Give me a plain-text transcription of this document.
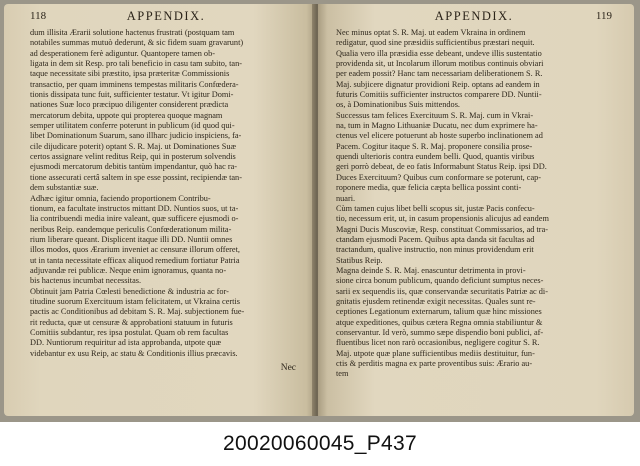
118	APPENDIX.
dum illisita Ærarii solutione hactenus frustrati (postquam tam
notabiles summas mutuò dederunt, & sic fidem suam gravarunt)
ad desperationem ferè adiguntur. Quantopere tamen ob-
ligata in dem sit Resp. pro tali beneficio in casu tam subito, tan-
taque necessitate sibi præstito, ipsa præteritæ Commissionis
transactio, per quam imminens tempestas militaris Confœdera-
tionis dissipata tunc fuit, sufficienter testatur. Vt igitur Domi-
nationes Suæ loco præcipuo diligenter considerent prædicta
mercatorum debita, uppote qui propterea quoque magnam
semper utilitatem conferre poterunt in publicum (id quod qui-
libet Dominationum Suarum, sano illharc judicio inspiciens, fa-
cile dijudicare poterit) optant S. R. Maj. ut Dominationes Suæ
certos assignare velint reditus Reip, qui in posterum solvendis
ejusmodi mercatorum debitis tantùm impendantur, quò hac ra-
tione assecurati certâ saltem in spe esse possint, recipiendæ tan-
dem substantiæ suæ.
Adhæc igitur omnia, faciendo proportionem Contribu-
tionum, ea facultate instructos mittant DD. Nuntios suos, ut ta-
lia contribuendi media inire valeant, quæ sufficere ejusmodi o-
neribus Reip. eandemque periculis Confœderationum milita-
rium liberare queant. Displicent itaque illi DD. Nuntii omnes
illos modos, quos Ærarium inveniet ac censuræ illorum offeret,
ut in tanta necessitate efficax aliquod remedium fortiatur Patria
adjuvandæ rei publicæ. Neque enim ignoramus, quanta no-
bis hactenus incumbat necessitas.
Obtinuit jam Patria Cœlesti benedictione & industria ac for-
titudine suorum Exercituum istam felicitatem, ut Vkraina certis
pactis ac Conditionibus ad debitam S. R. Maj. subjectionem fue-
rit reducta, quæ ut censuræ & approbationi statuum in futuris
Comitiis subdantur, res ipsa postulat. Quam ob rem facultas
DD. Nuntiorum requiritur ad ista approbanda, utpote quæ
videbantur ex usu Reip, ac statu & Conditionis illius præcavis.
Nec
APPENDIX.	119
Nec minus optat S. R. Maj. ut eadem Vkraina in ordinem
redigatur, quod sine præsidiis sufficientibus præstari nequit.
Qualia vero illa præsidia esse debeant, undeve illis sustentatio
providenda sit, ut Incolarum illorum motibus continuis obviari
per eadem possit? Hanc tam necessariam deliberationem S. R.
Maj. subjicere dignatur providioni Reip. optans ad eandem in
futuris Comitiis sufficienter instructos comparere DD. Nuntii-
os, à Dominationibus Suis mittendos.
Successus tam felices Exercituum S. R. Maj. cum in Vkrai-
na, tum in Magno Lithuaniæ Ducatu, nec dum exprimere ha-
ctenus vel elicere potuerunt ab hoste superbo inclinationem ad
Pacem. Cogitur itaque S. R. Maj. proponere consilia prose-
quendi ulterioris contra eundem belli. Quod, quantis viribus
geri porrò debeat, de eo fatis Informabunt Status Reip. ipsi DD.
Duces Exercituum? Quibus cum conformare se poterunt, cap-
roponere media, quæ felicia cæpta bellica possint conti-
nuari.
Cùm tamen cujus libet belli scopus sit, justæ Pacis confecu-
tio, necessum erit, ut, in casum propensionis alicujus ad eandem
Magni Ducis Muscoviæ, Resp. constituat Commissarios, ad tra-
ctandam ejusmodi Pacem. Quibus apta danda sit facultas ad
tractandum, qualive instructio, non minus providendum erit
Statibus Reip.
Magna deinde S. R. Maj. enascuntur detrimenta in provi-
sione circa bonum publicum, quando deficiunt sumptus neces-
sarii ex sequendis iis, quæ conservandæ securitatis Patriæ ac di-
gnitatis ejusdem retinendæ exigit necessitas. Quales sunt re-
ceptiones Legationum externarum, talium quæ hinc missiones
atque expeditiones, quibus cætera Regna omnia stabiliuntur &
conservantur. Id verò, summo sæpe dispendio boni publici, af-
fluentibus licet non rarò occasionibus, negligere cogitur S. R.
Maj. utpote quæ plane sufficientibus mediis destituitur, fun-
ctis & perditis magna ex parte proventibus suis: Ærario au-
tem
20020060045_P437
